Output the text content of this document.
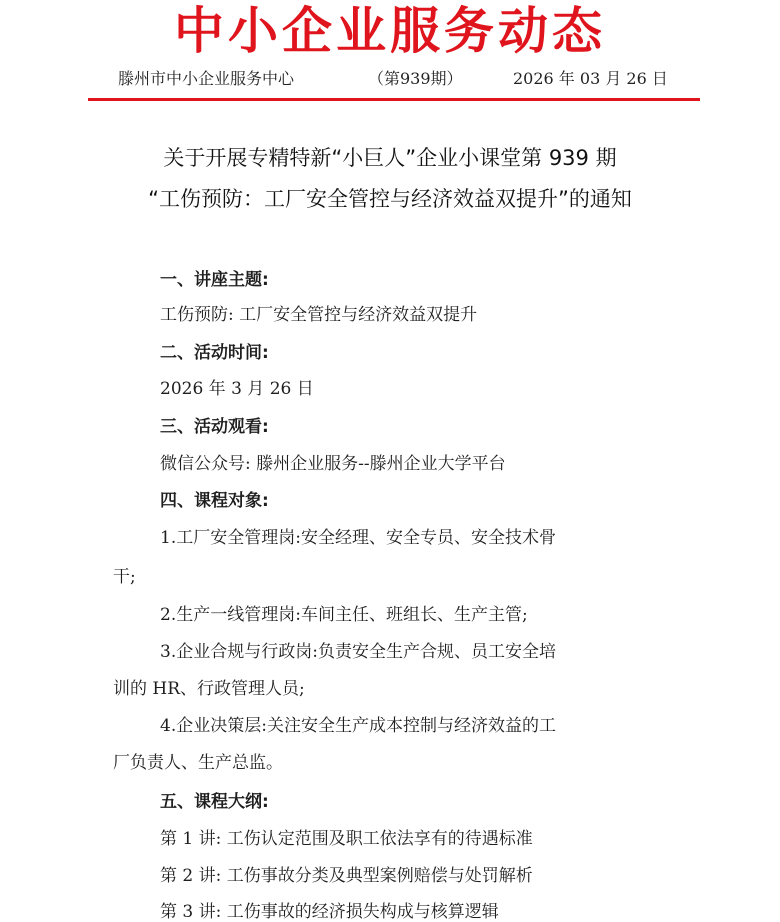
中小企业服务动态
滕州市中小企业服务中心	（第939期）	2026 年 03 月 26 日
关于开展专精特新“小巨人”企业小课堂第 939 期
“工伤预防：工厂安全管控与经济效益双提升”的通知
一、讲座主题:
工伤预防: 工厂安全管控与经济效益双提升
二、活动时间:
2026 年 3 月 26 日
三、活动观看:
微信公众号: 滕州企业服务--滕州企业大学平台
四、课程对象:
1.工厂安全管理岗:安全经理、安全专员、安全技术骨
干;
2.生产一线管理岗:车间主任、班组长、生产主管;
3.企业合规与行政岗:负责安全生产合规、员工安全培
训的 HR、行政管理人员;
4.企业决策层:关注安全生产成本控制与经济效益的工
厂负责人、生产总监。
五、课程大纲:
第 1 讲: 工伤认定范围及职工依法享有的待遇标准
第 2 讲: 工伤事故分类及典型案例赔偿与处罚解析
第 3 讲: 工伤事故的经济损失构成与核算逻辑
